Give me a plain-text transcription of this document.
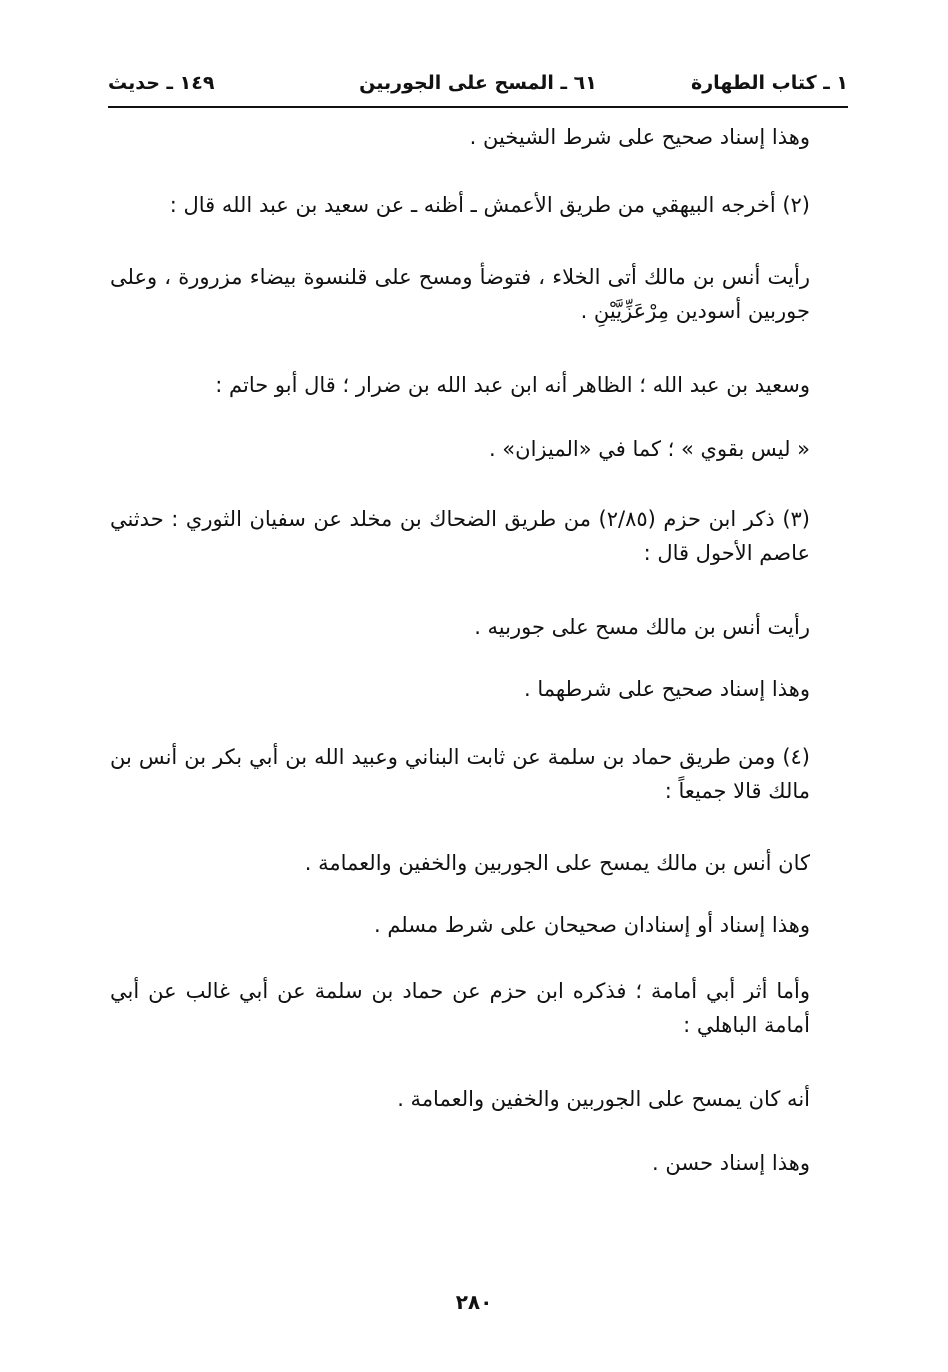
١ ـ كتاب الطهارة
٦١ ـ المسح على الجوربين
١٤٩ ـ حديث

وهذا إسناد صحيح على شرط الشيخين .

(٢) أخرجه البيهقي من طريق الأعمش ـ أظنه ـ عن سعيد بن عبد الله قال :

رأيت أنس بن مالك أتى الخلاء ، فتوضأ ومسح على قلنسوة بيضاء مزرورة ، وعلى جوربين أسودين مِرْعَزِّيَّيْنِ .

وسعيد بن عبد الله ؛ الظاهر أنه ابن عبد الله بن ضرار ؛ قال أبو حاتم :

« ليس بقوي » ؛ كما في «الميزان» .

(٣) ذكر ابن حزم (٢/٨٥) من طريق الضحاك بن مخلد عن سفيان الثوري : حدثني عاصم الأحول قال :

رأيت أنس بن مالك مسح على جوربيه .

وهذا إسناد صحيح على شرطهما .

(٤) ومن طريق حماد بن سلمة عن ثابت البناني وعبيد الله بن أبي بكر بن أنس بن مالك قالا جميعاً :

كان أنس بن مالك يمسح على الجوربين والخفين والعمامة .

وهذا إسناد أو إسنادان صحيحان على شرط مسلم .

وأما أثر أبي أمامة ؛ فذكره ابن حزم عن حماد بن سلمة عن أبي غالب عن أبي أمامة الباهلي :

أنه كان يمسح على الجوربين والخفين والعمامة .

وهذا إسناد حسن .

٢٨٠
